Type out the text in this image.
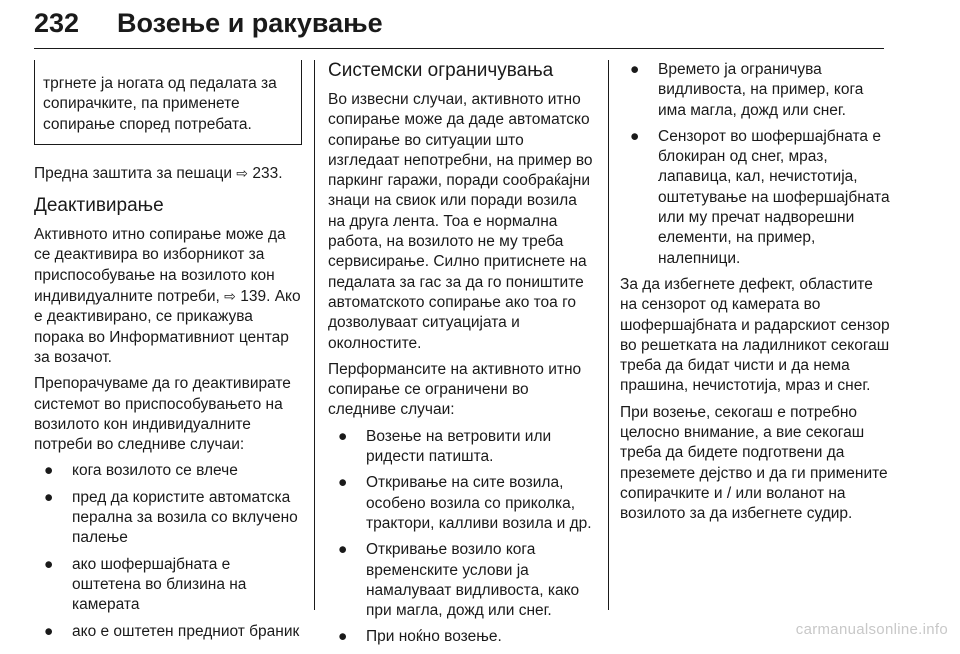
232 Возење и ракување
тргнете ја ногата од педалата за сопирачките, па применете сопирање според потребата.

Предна заштита за пешаци ⇨ 233.

Деактивирање

Активното итно сопирање може да се деактивира во изборникот за приспособување на возилото кон индивидуалните потреби, ⇨ 139. Ако е деактивирано, се прикажува порака во Информативниот центар за возачот.

Препорачуваме да го деактивирате системот во приспособувањето на возилото кон индивидуалните потреби во следниве случаи:

● кога возилото се влече
● пред да користите автоматска перална за возила со вклучено палење
● ако шофершајбната е оштетена во близина на камерата
● ако е оштетен предниот браник
Системски ограничувања

Во извесни случаи, активното итно сопирање може да даде автоматско сопирање во ситуации што изгледаат непотребни, на пример во паркинг гаражи, поради сообраќајни знаци на свиок или поради возила на друга лента. Тоа е нормална работа, на возилото не му треба сервисирање. Силно притиснете на педалата за гас за да го поништите автоматското сопирање ако тоа го дозволуваат ситуацијата и околностите.

Перформансите на активното итно сопирање се ограничени во следниве случаи:

● Возење на ветровити или ридести патишта.
● Откривање на сите возила, особено возила со приколка, трактори, калливи возила и др.
● Откривање возило кога временските услови ја намалуваат видливоста, како при магла, дожд или снег.
● При ноќно возење.
● Времето ја ограничува видливоста, на пример, кога има магла, дожд или снег.
● Сензорот во шофершајбната е блокиран од снег, мраз, лапавица, кал, нечистотија, оштетување на шофершајбната или му пречат надворешни елементи, на пример, налепници.

За да избегнете дефект, областите на сензорот од камерата во шофершајбната и радарскиот сензор во решетката на ладилникот секогаш треба да бидат чисти и да нема прашина, нечистотија, мраз и снег.

При возење, секогаш е потребно целосно внимание, а вие секогаш треба да бидете подготвени да преземете дејство и да ги примените сопирачките и / или воланот на возилото за да избегнете судир.

carmanualsonline.info
